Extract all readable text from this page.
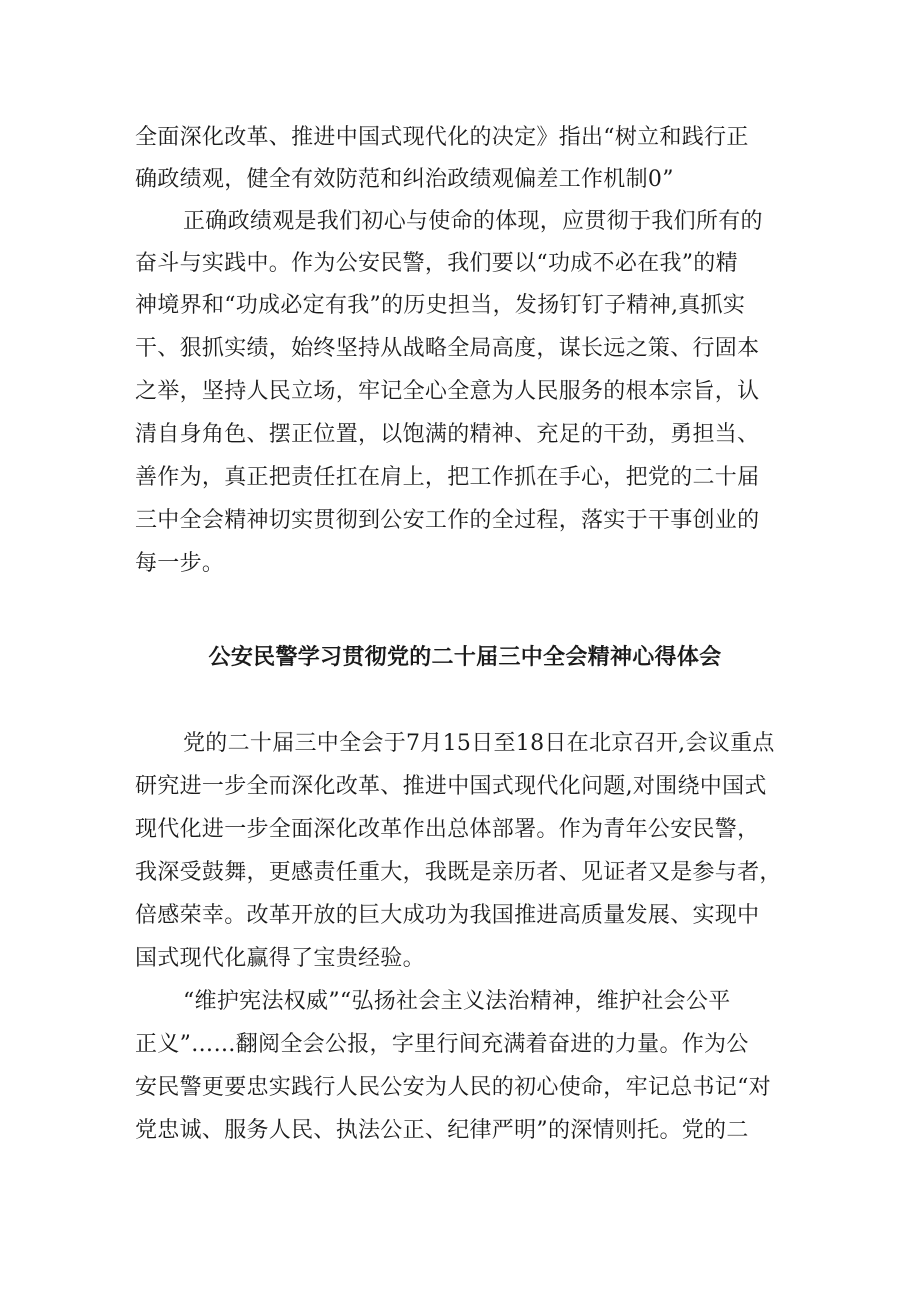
全面深化改革、推进中国式现代化的决定》指出“树立和践行正
确政绩观，健全有效防范和纠治政绩观偏差工作机制0”
正确政绩观是我们初心与使命的体现，应贯彻于我们所有的
奋斗与实践中。作为公安民警，我们要以“功成不必在我”的精
神境界和“功成必定有我”的历史担当，发扬钉钉子精神,真抓实
干、狠抓实绩，始终坚持从战略全局高度，谋长远之策、行固本
之举，坚持人民立场，牢记全心全意为人民服务的根本宗旨，认
清自身角色、摆正位置，以饱满的精神、充足的干劲，勇担当、
善作为，真正把责任扛在肩上，把工作抓在手心，把党的二十届
三中全会精神切实贯彻到公安工作的全过程，落实于干事创业的
每一步。
公安民警学习贯彻党的二十届三中全会精神心得体会
党的二十届三中全会于7月15日至18日在北京召开,会议重点
研究进一步全而深化改革、推进中国式现代化问题,对围绕中国式
现代化进一步全面深化改革作出总体部署。作为青年公安民警，
我深受鼓舞，更感责任重大，我既是亲历者、见证者又是参与者，
倍感荣幸。改革开放的巨大成功为我国推进高质量发展、实现中
国式现代化赢得了宝贵经验。
“维护宪法权威”“弘扬社会主义法治精神，维护社会公平
正义”……翻阅全会公报，字里行间充满着奋进的力量。作为公
安民警更要忠实践行人民公安为人民的初心使命，牢记总书记“对
党忠诚、服务人民、执法公正、纪律严明”的深情则托。党的二
